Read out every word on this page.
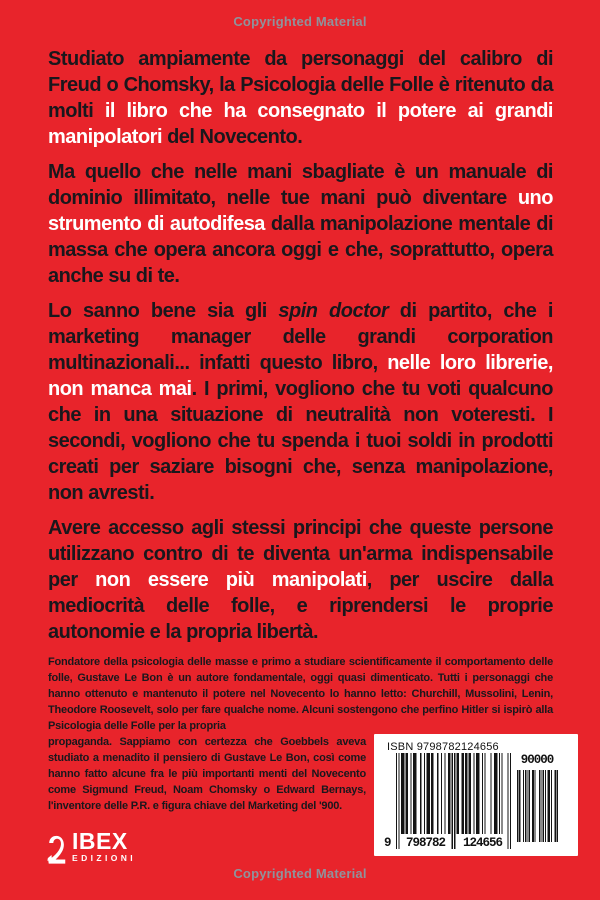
Copyrighted Material

Studiato ampiamente da personaggi del calibro di Freud o Chomsky, la Psicologia delle Folle è ritenuto da molti il libro che ha consegnato il potere ai grandi manipolatori del Novecento.

Ma quello che nelle mani sbagliate è un manuale di dominio illimitato, nelle tue mani può diventare uno strumento di autodifesa dalla manipolazione mentale di massa che opera ancora oggi e che, soprattutto, opera anche su di te.

Lo sanno bene sia gli spin doctor di partito, che i marketing manager delle grandi corporation multinazionali... infatti questo libro, nelle loro librerie, non manca mai. I primi, vogliono che tu voti qualcuno che in una situazione di neutralità non voteresti. I secondi, vogliono che tu spenda i tuoi soldi in prodotti creati per saziare bisogni che, senza manipolazione, non avresti.

Avere accesso agli stessi principi che queste persone utilizzano contro di te diventa un'arma indispensabile per non essere più manipolati, per uscire dalla mediocrità delle folle, e riprendersi le proprie autonomie e la propria libertà.

Fondatore della psicologia delle masse e primo a studiare scientificamente il comportamento delle folle, Gustave Le Bon è un autore fondamentale, oggi quasi dimenticato. Tutti i personaggi che hanno ottenuto e mantenuto il potere nel Novecento lo hanno letto: Churchill, Mussolini, Lenin, Theodore Roosevelt, solo per fare qualche nome. Alcuni sostengono che perfino Hitler si ispirò alla Psicologia delle Folle per la propria

propaganda. Sappiamo con certezza che Goebbels aveva studiato a menadito il pensiero di Gustave Le Bon, così come hanno fatto alcune fra le più importanti menti del Novecento come Sigmund Freud, Noam Chomsky o Edward Bernays, l'inventore delle P.R. e figura chiave del Marketing del '900.

ISBN 9798782124656
9	798782	124656
90000
IBEX
EDIZIONI
Copyrighted Material
